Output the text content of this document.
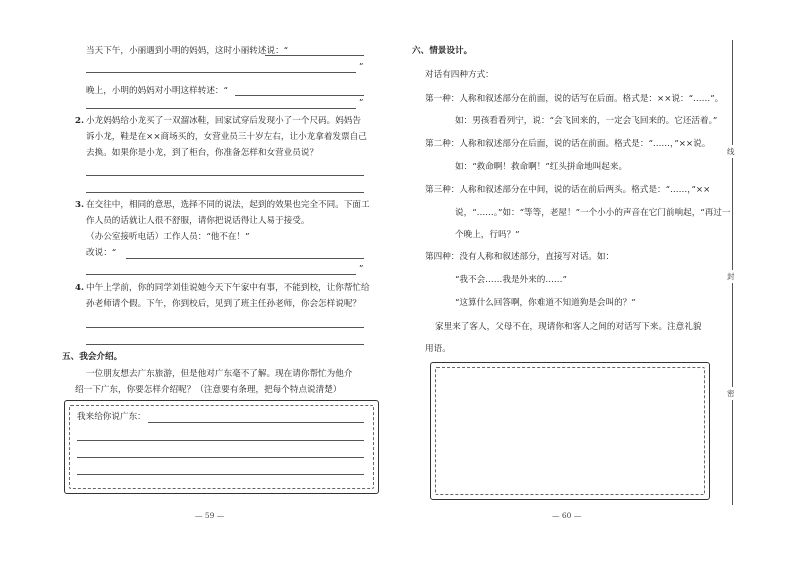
当天下午，小丽遇到小明的妈妈，这时小丽转述说：“
”
晚上，小明的妈妈对小明这样转述：“
”
2. 小龙妈妈给小龙买了一双溜冰鞋，回家试穿后发现小了一个尺码。妈妈告
诉小龙，鞋是在××商场买的，女营业员三十岁左右，让小龙拿着发票自己
去换。如果你是小龙，到了柜台，你准备怎样和女营业员说？
3. 在交往中，相同的意思，选择不同的说法，起到的效果也完全不同。下面工
作人员的话就让人很不舒服，请你把说话得让人易于接受。
（办公室接听电话）工作人员：“他不在！”
改说：“
”
4. 中午上学前，你的同学刘佳说她今天下午家中有事，不能到校，让你帮忙给
孙老师请个假。下午，你到校后，见到了班主任孙老师，你会怎样说呢？
五、我会介绍。
一位朋友想去广东旅游，但是他对广东毫不了解。现在请你帮忙为他介
绍一下广东，你要怎样介绍呢？（注意要有条理，把每个特点说清楚）
我来给你说广东：
— 59 —
六、情景设计。
对话有四种方式：
第一种：人称和叙述部分在前面，说的话写在后面。格式是：××说：“……”。
如：男孩看看列宁，说：“会飞回来的，一定会飞回来的。它还活着。”
第二种：人称和叙述部分在后面，说的话在前面。格式是：“……，”××说。
如：“救命啊！救命啊！”红头拼命地叫起来。
第三种：人称和叙述部分在中间，说的话在前后两头。格式是：“……，”××
说，“……。”如：“等等，老屋！”一个小小的声音在它门前响起，“再过一
个晚上，行吗？”
第四种：没有人称和叙述部分，直接写对话。如：
“我不会……我是外来的……”
“这算什么回答啊，你难道不知道狗是会叫的？”
家里来了客人，父母不在，现请你和客人之间的对话写下来。注意礼貌
用语。
— 60 —
线
封
密
